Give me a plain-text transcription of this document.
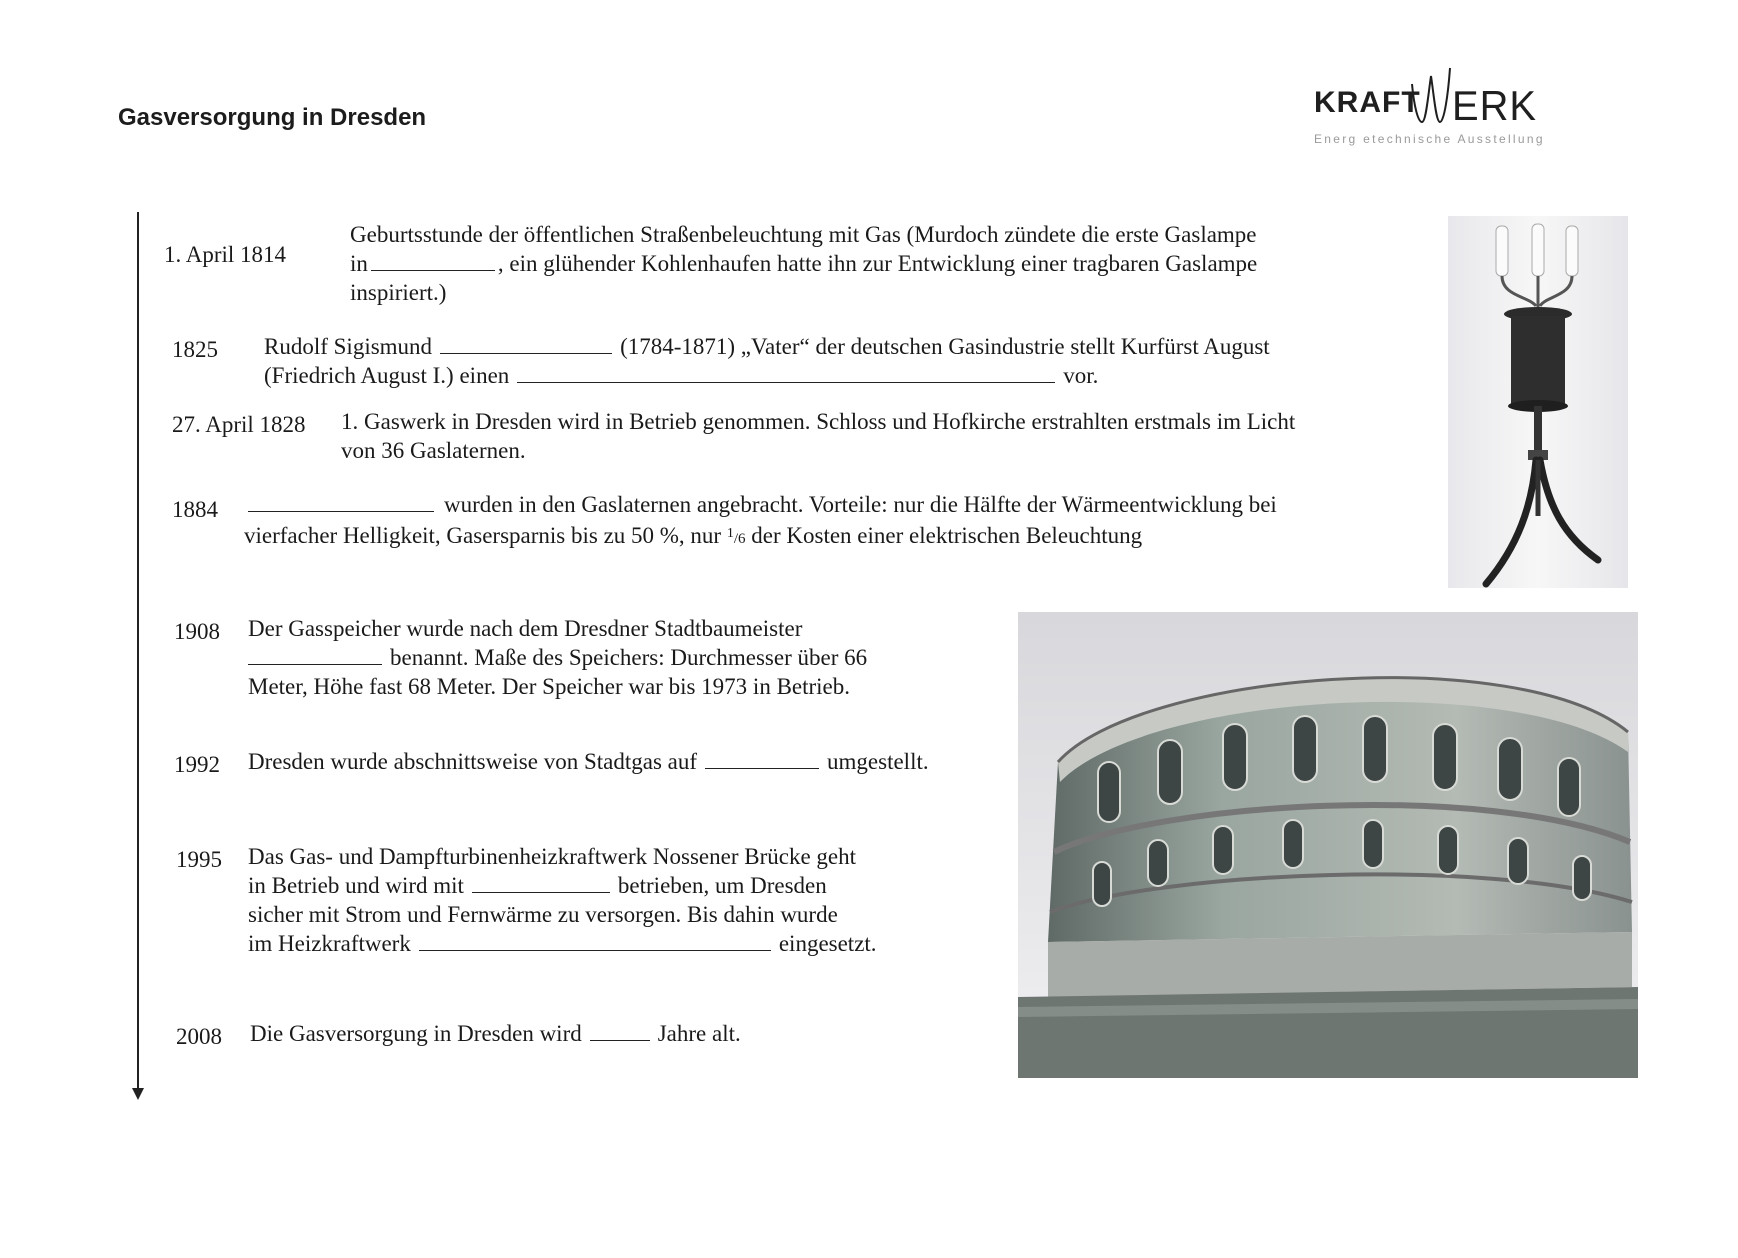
Gasversorgung in Dresden	KRAFT ERK
Energ etechnische Ausstellung
1. April 1814
Geburtsstunde der öffentlichen Straßenbeleuchtung mit Gas (Murdoch zündete die erste Gaslampe
in	, ein glühender Kohlenhaufen hatte ihn zur Entwicklung einer tragbaren Gaslampe
inspiriert.)
1825 Rudolf Sigismund	(1784-1871) „Vater“ der deutschen Gasindustrie stellt Kurfürst August
(Friedrich August I.) einen	vor.
27. April 1828 1. Gaswerk in Dresden wird in Betrieb genommen. Schloss und Hofkirche erstrahlten erstmals im Licht
von 36 Gaslaternen.
1884	wurden in den Gaslaternen angebracht. Vorteile: nur die Hälfte der Wärmeentwicklung bei
vierfacher Helligkeit, Gasersparnis bis zu 50 %, nur $^1$/6 der Kosten einer elektrischen Beleuchtung
1908 Der Gasspeicher wurde nach dem Dresdner Stadtbaumeister
benannt. Maße des Speichers: Durchmesser über 66
Meter, Höhe fast 68 Meter. Der Speicher war bis 1973 in Betrieb.
1992 Dresden wurde abschnittsweise von Stadtgas auf	umgestellt.
1995 Das Gas- und Dampfturbinenheizkraftwerk Nossener Brücke geht
in Betrieb und wird mit	betrieben, um Dresden
sicher mit Strom und Fernwärme zu versorgen. Bis dahin wurde
im Heizkraftwerk	eingesetzt.
2008 Die Gasversorgung in Dresden wird	Jahre alt.
